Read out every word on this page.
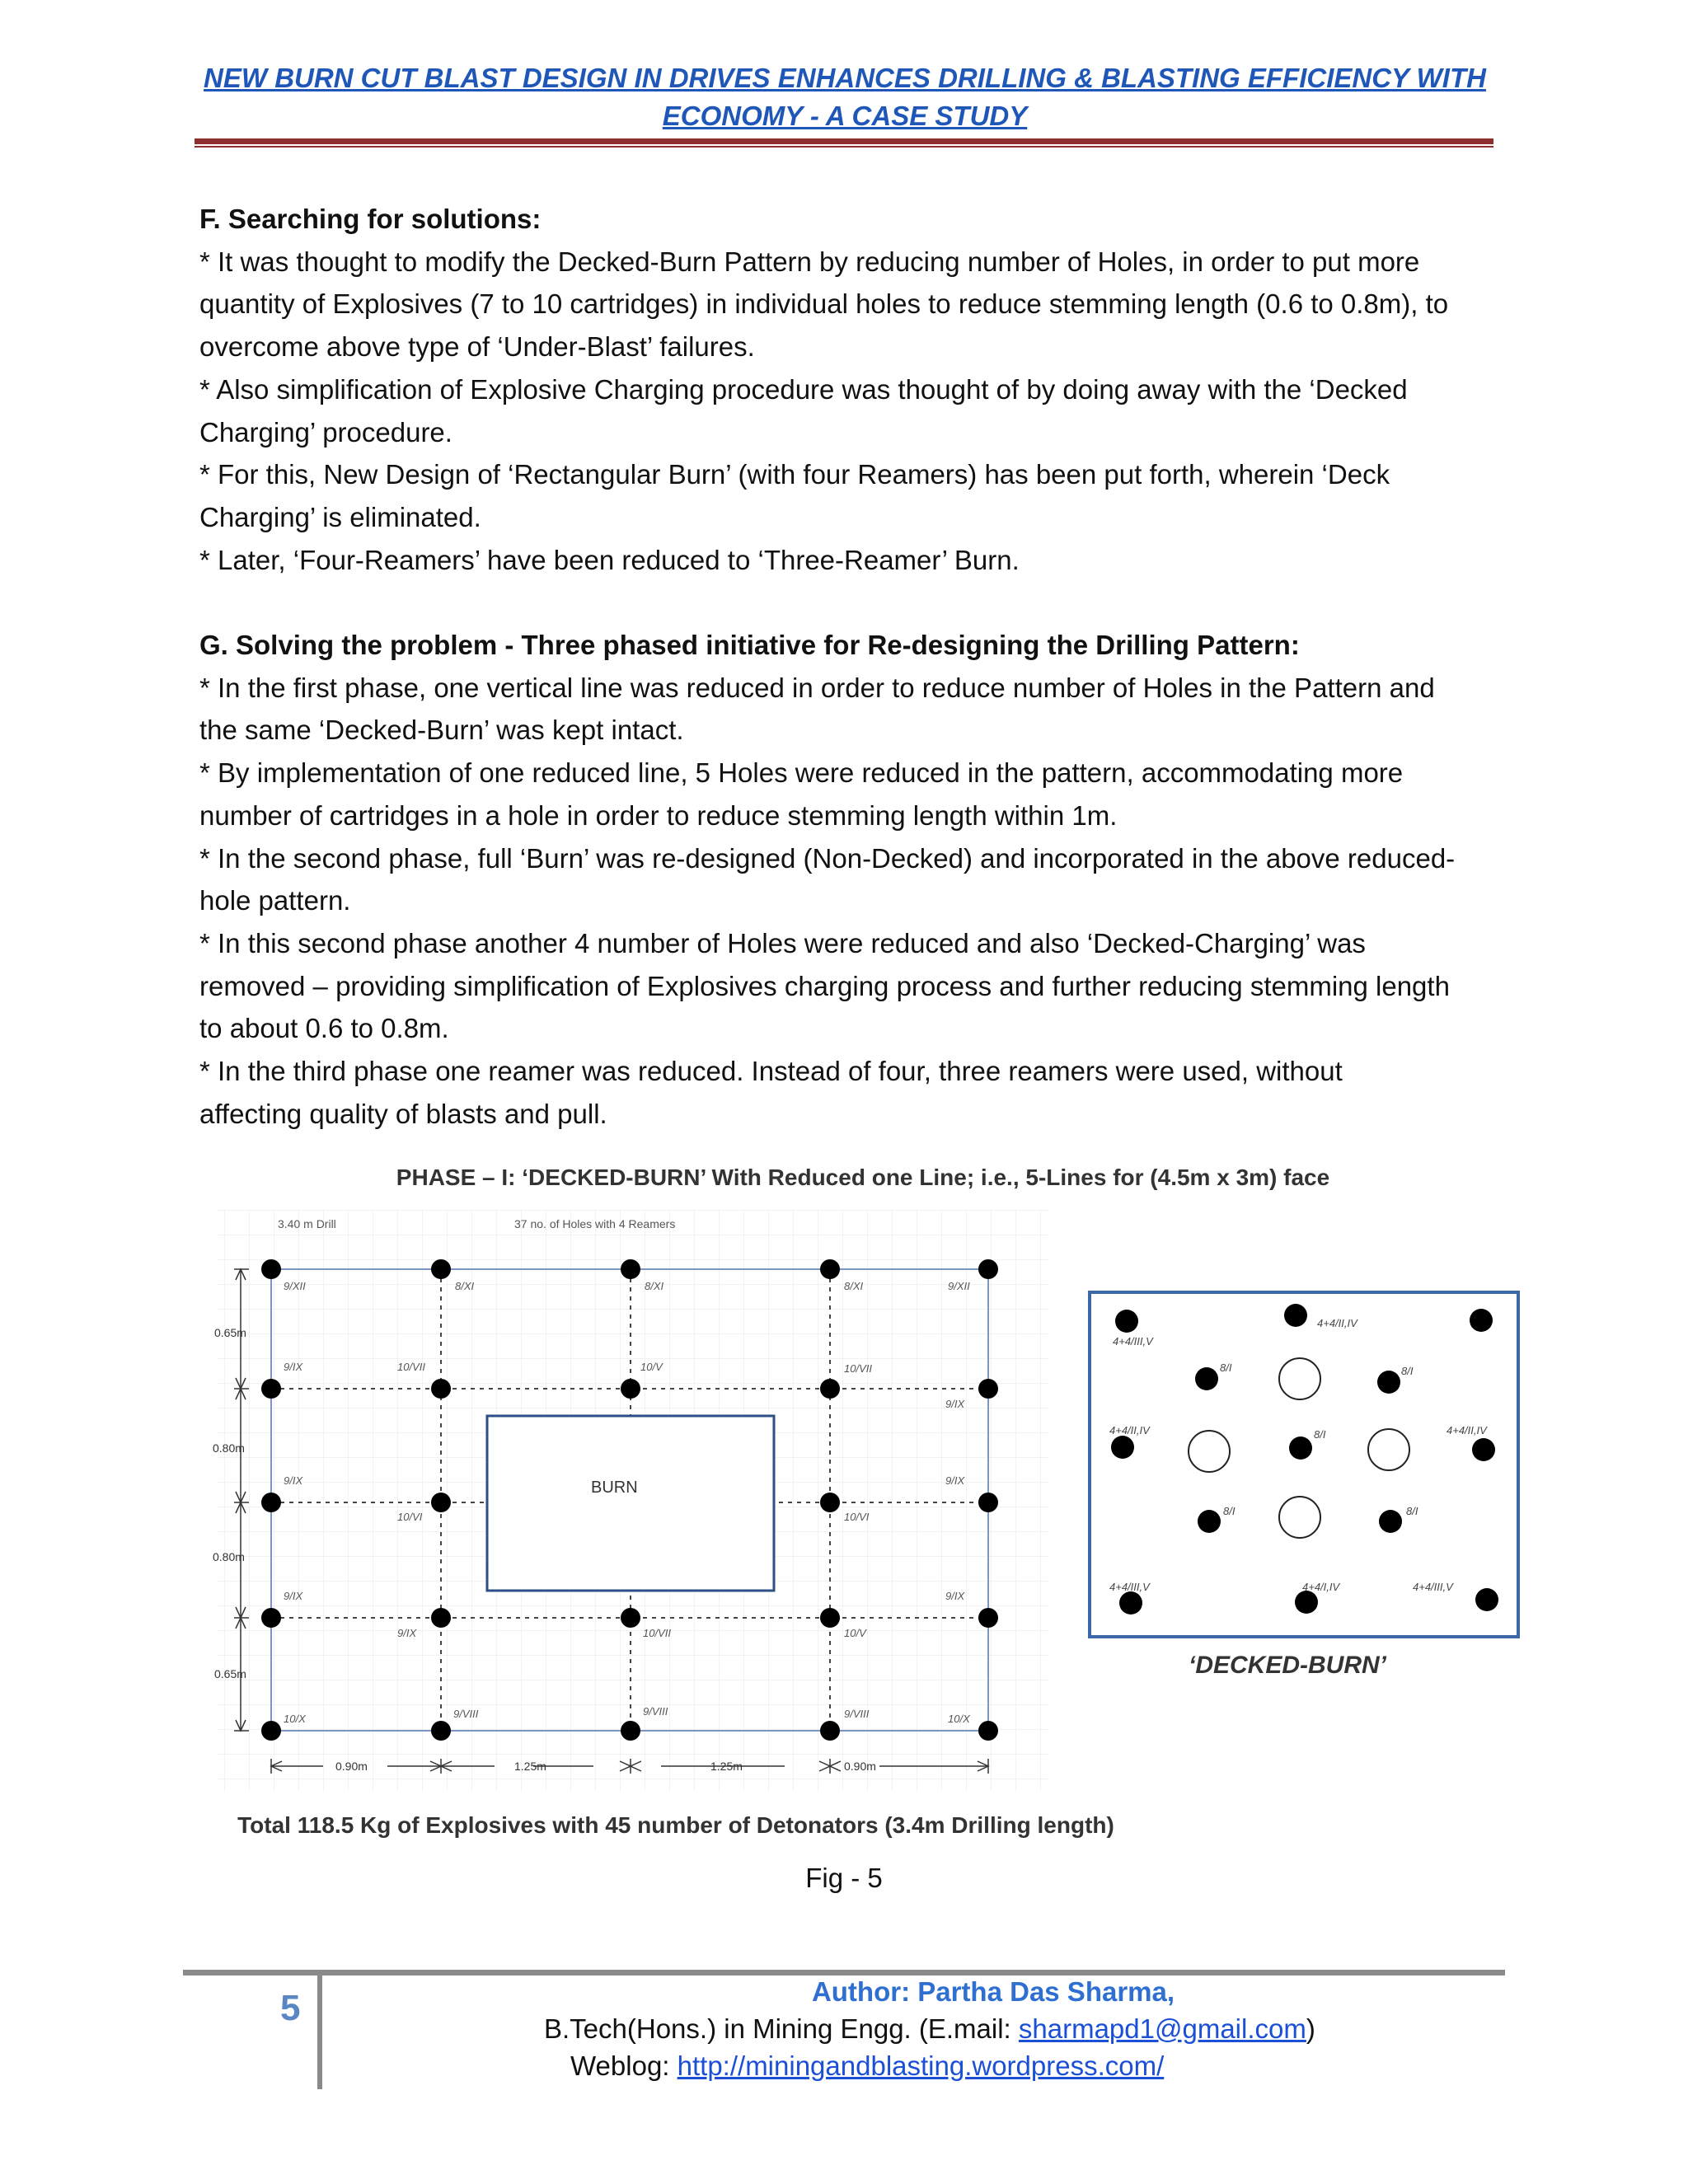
NEW BURN CUT BLAST DESIGN IN DRIVES ENHANCES DRILLING & BLASTING EFFICIENCY WITH
ECONOMY - A CASE STUDY

F. Searching for solutions:

* It was thought to modify the Decked-Burn Pattern by reducing number of Holes, in order to put more

quantity of Explosives (7 to 10 cartridges) in individual holes to reduce stemming length (0.6 to 0.8m), to

overcome above type of ‘Under-Blast’ failures.

* Also simplification of Explosive Charging procedure was thought of by doing away with the ‘Decked

Charging’ procedure.

* For this, New Design of ‘Rectangular Burn’ (with four Reamers) has been put forth, wherein ‘Deck

Charging’ is eliminated.

* Later, ‘Four-Reamers’ have been reduced to ‘Three-Reamer’ Burn.

G. Solving the problem - Three phased initiative for Re-designing the Drilling Pattern:

* In the first phase, one vertical line was reduced in order to reduce number of Holes in the Pattern and

the same ‘Decked-Burn’ was kept intact.

* By implementation of one reduced line, 5 Holes were reduced in the pattern, accommodating more

number of cartridges in a hole in order to reduce stemming length within 1m.

* In the second phase, full ‘Burn’ was re-designed (Non-Decked) and incorporated in the above reduced-

hole pattern.

* In this second phase another 4 number of Holes were reduced and also ‘Decked-Charging’ was

removed – providing simplification of Explosives charging process and further reducing stemming length

to about 0.6 to 0.8m.

* In the third phase one reamer was reduced. Instead of four, three reamers were used, without

affecting quality of blasts and pull.

PHASE – I: ‘DECKED-BURN’ With Reduced one Line; i.e., 5-Lines for (4.5m x 3m) face
3.40 m Drill	37 no. of Holes with 4 Reamers
BURN
9/XII	8/XI	8/XI	8/XI	9/XII
9/IX	10/VII	10/V	10/VII
9/IX
9/IX	9/IX
10/VI	10/VI
9/IX	9/IX
9/IX	10/VII	10/V
10/X	9/VIII	9/VIII	9/VIII	10/X
0.65m
0.80m
0.80m
0.65m
0.90m	1.25m	1.25m	0.90m
4+4/III,V
4+4/II,IV
8/I	8/I
4+4/II,IV	8/I	4+4/II,IV
8/I	8/I
4+4/III,V	4+4/I,IV	4+4/III,V
‘DECKED-BURN’
Total 118.5 Kg of Explosives with 45 number of Detonators (3.4m Drilling length)
Fig - 5
5	Author: Partha Das Sharma,
B.Tech(Hons.) in Mining Engg. (E.mail: sharmapd1@gmail.com)
Weblog: http://miningandblasting.wordpress.com/
